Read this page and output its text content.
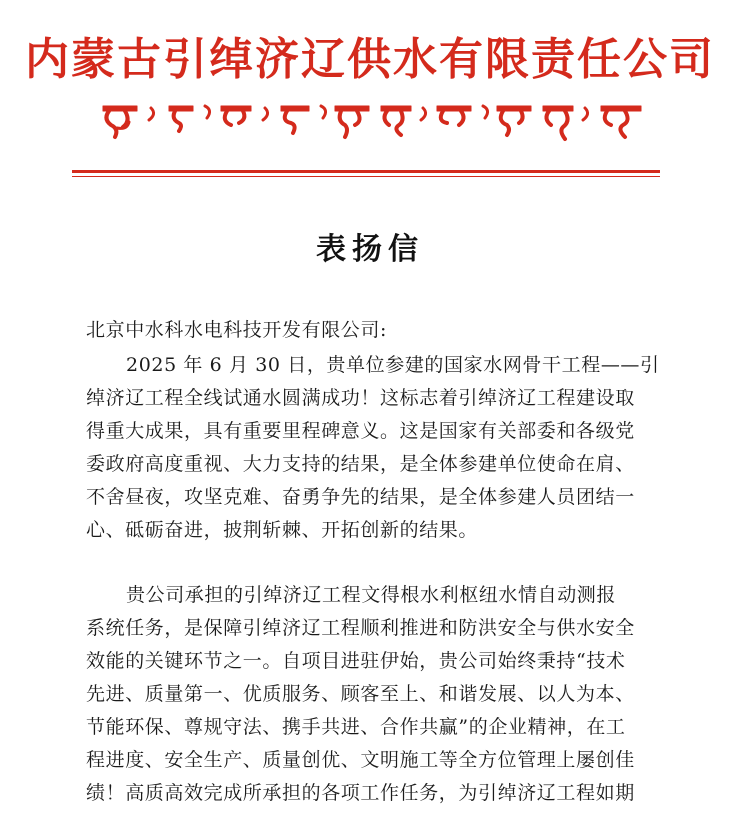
内蒙古引绰济辽供水有限责任公司
表扬信
北京中水科水电科技开发有限公司:
2025 年 6 月 30 日，贵单位参建的国家水网骨干工程——引
绰济辽工程全线试通水圆满成功！这标志着引绰济辽工程建设取
得重大成果，具有重要里程碑意义。这是国家有关部委和各级党
委政府高度重视、大力支持的结果，是全体参建单位使命在肩、
不舍昼夜，攻坚克难、奋勇争先的结果，是全体参建人员团结一
心、砥砺奋进，披荆斩棘、开拓创新的结果。
贵公司承担的引绰济辽工程文得根水利枢纽水情自动测报
系统任务，是保障引绰济辽工程顺利推进和防洪安全与供水安全
效能的关键环节之一。自项目进驻伊始，贵公司始终秉持“技术
先进、质量第一、优质服务、顾客至上、和谐发展、以人为本、
节能环保、尊规守法、携手共进、合作共赢”的企业精神，在工
程进度、安全生产、质量创优、文明施工等全方位管理上屡创佳
绩！高质高效完成所承担的各项工作任务，为引绰济辽工程如期
